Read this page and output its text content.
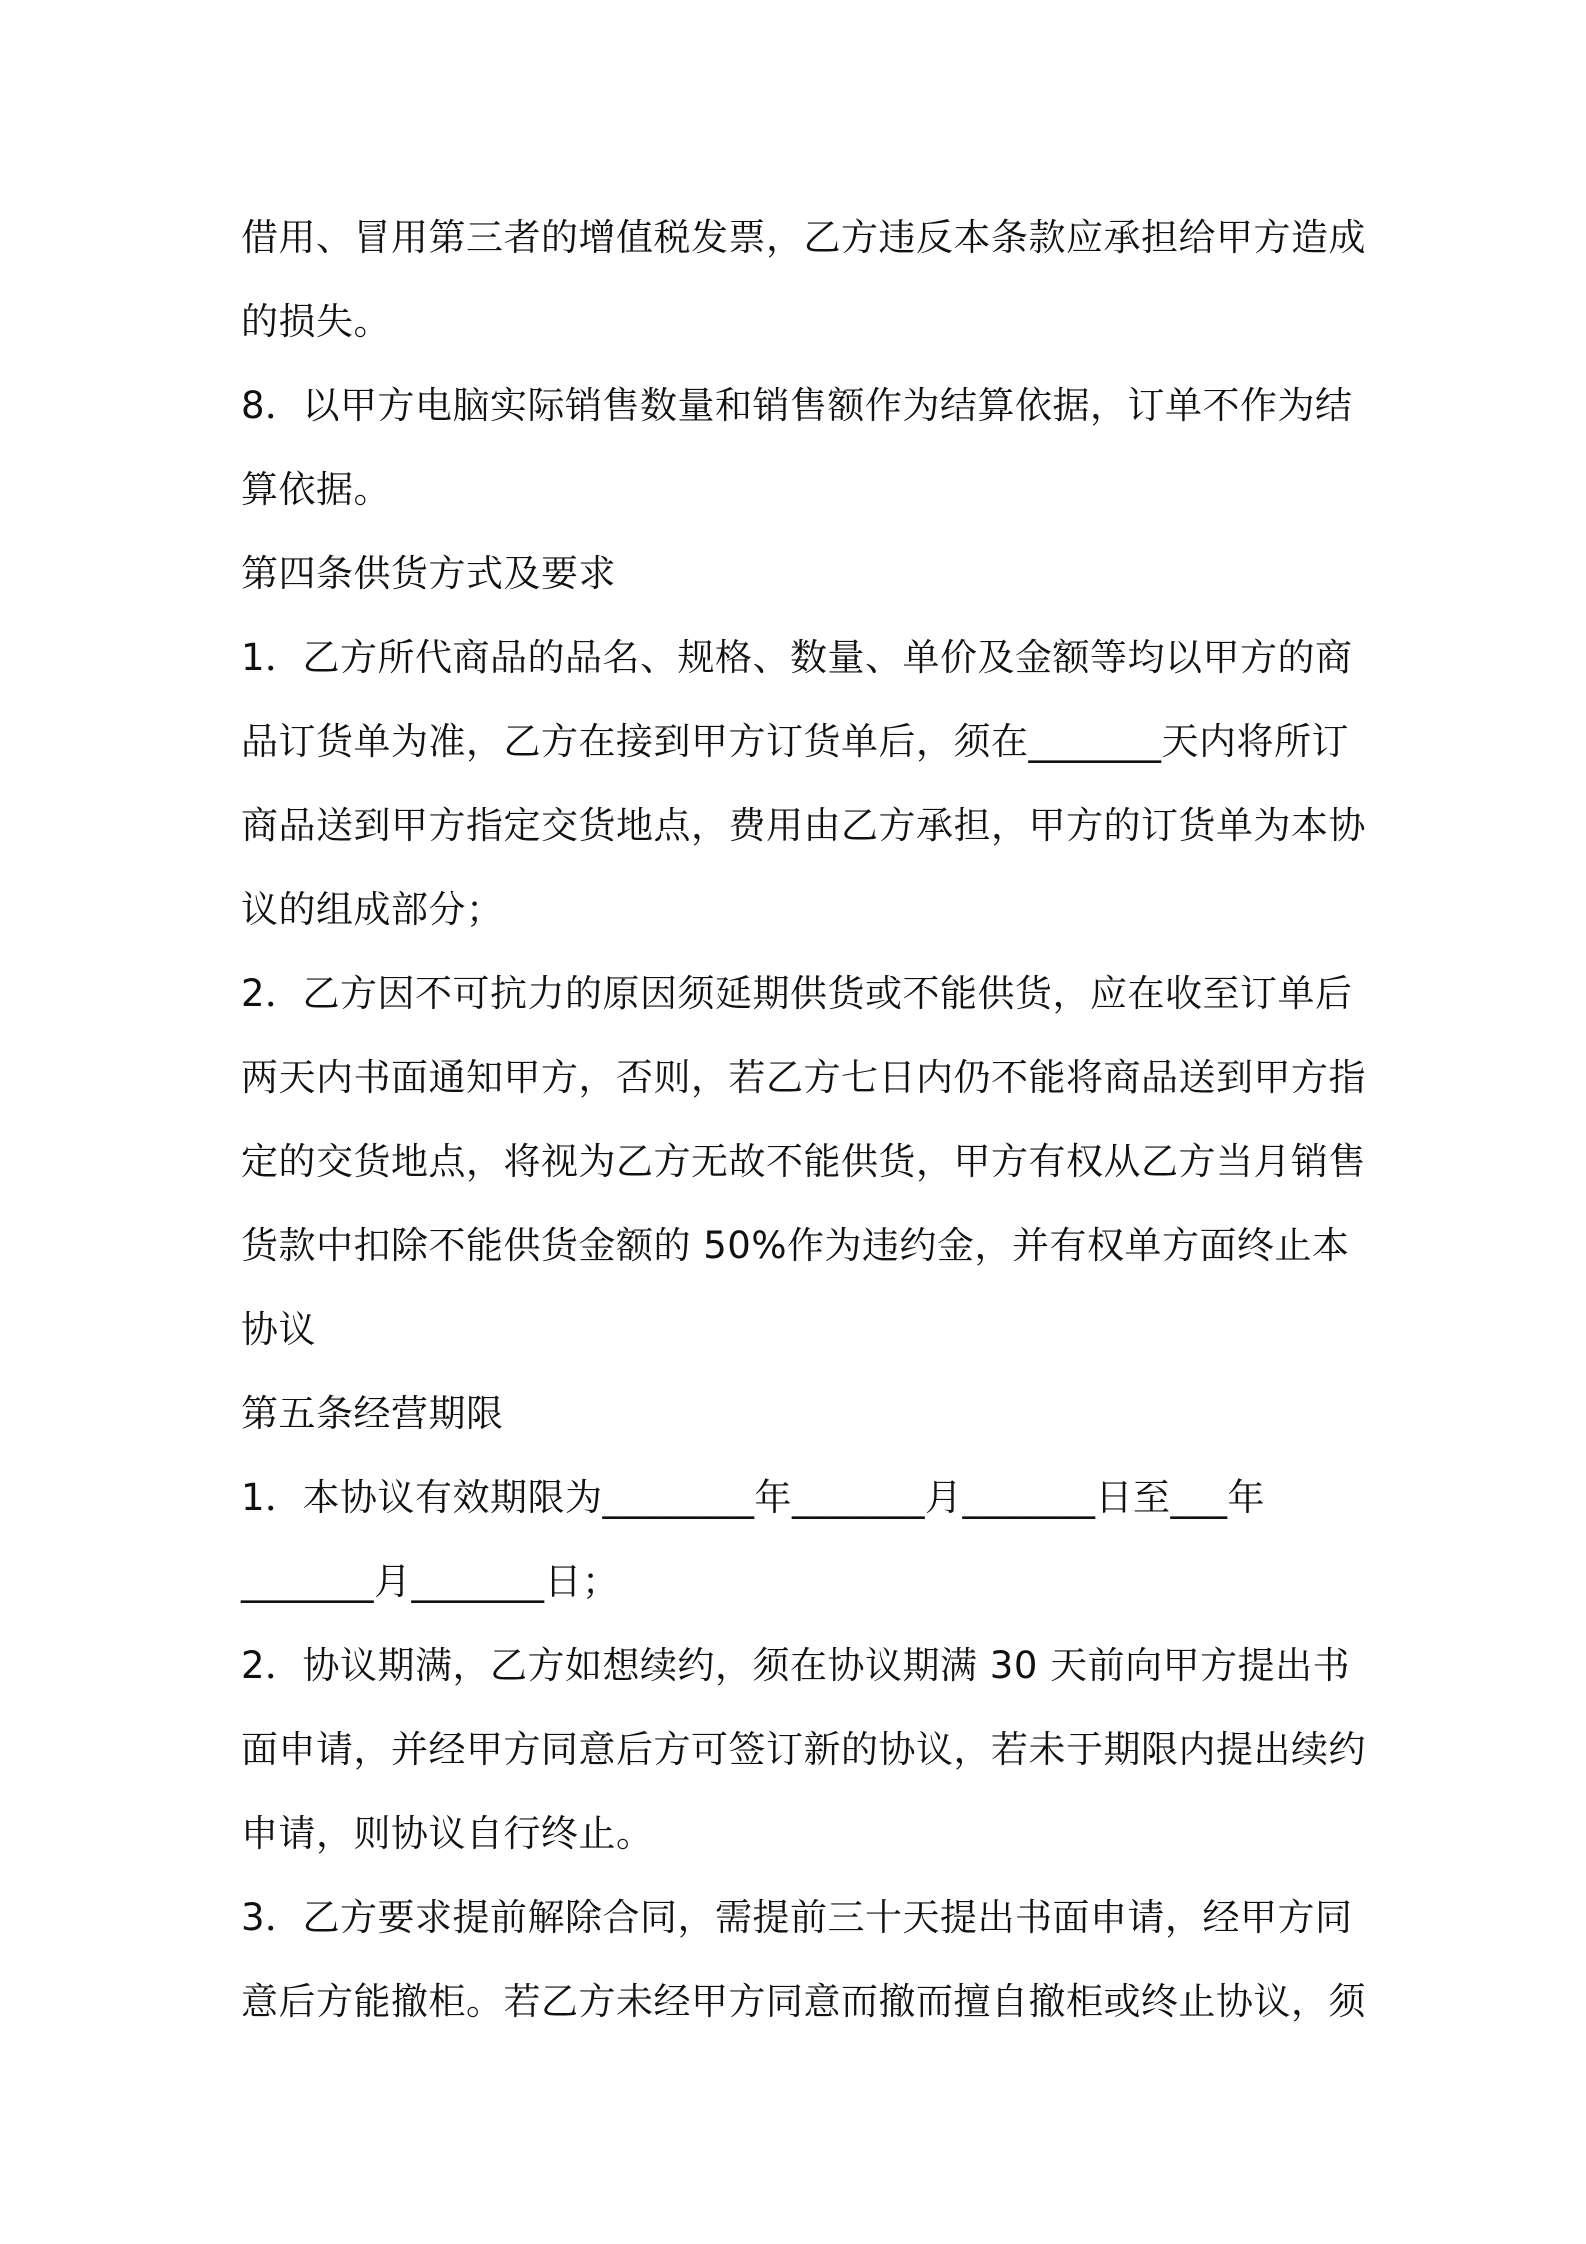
借用、冒用第三者的增值税发票，乙方违反本条款应承担给甲方造成
的损失。

8．以甲方电脑实际销售数量和销售额作为结算依据，订单不作为结
算依据。

第四条供货方式及要求

1．乙方所代商品的品名、规格、数量、单价及金额等均以甲方的商
品订货单为准，乙方在接到甲方订货单后，须在_______天内将所订
商品送到甲方指定交货地点，费用由乙方承担，甲方的订货单为本协
议的组成部分；

2．乙方因不可抗力的原因须延期供货或不能供货，应在收至订单后
两天内书面通知甲方，否则，若乙方七日内仍不能将商品送到甲方指
定的交货地点，将视为乙方无故不能供货，甲方有权从乙方当月销售
货款中扣除不能供货金额的 50%作为违约金，并有权单方面终止本
协议

第五条经营期限

1．本协议有效期限为________年_______月_______日至___年
_______月_______日；

2．协议期满，乙方如想续约，须在协议期满 30 天前向甲方提出书
面申请，并经甲方同意后方可签订新的协议，若未于期限内提出续约
申请，则协议自行终止。

3．乙方要求提前解除合同，需提前三十天提出书面申请，经甲方同
意后方能撤柜。若乙方未经甲方同意而撤而擅自撤柜或终止协议，须
